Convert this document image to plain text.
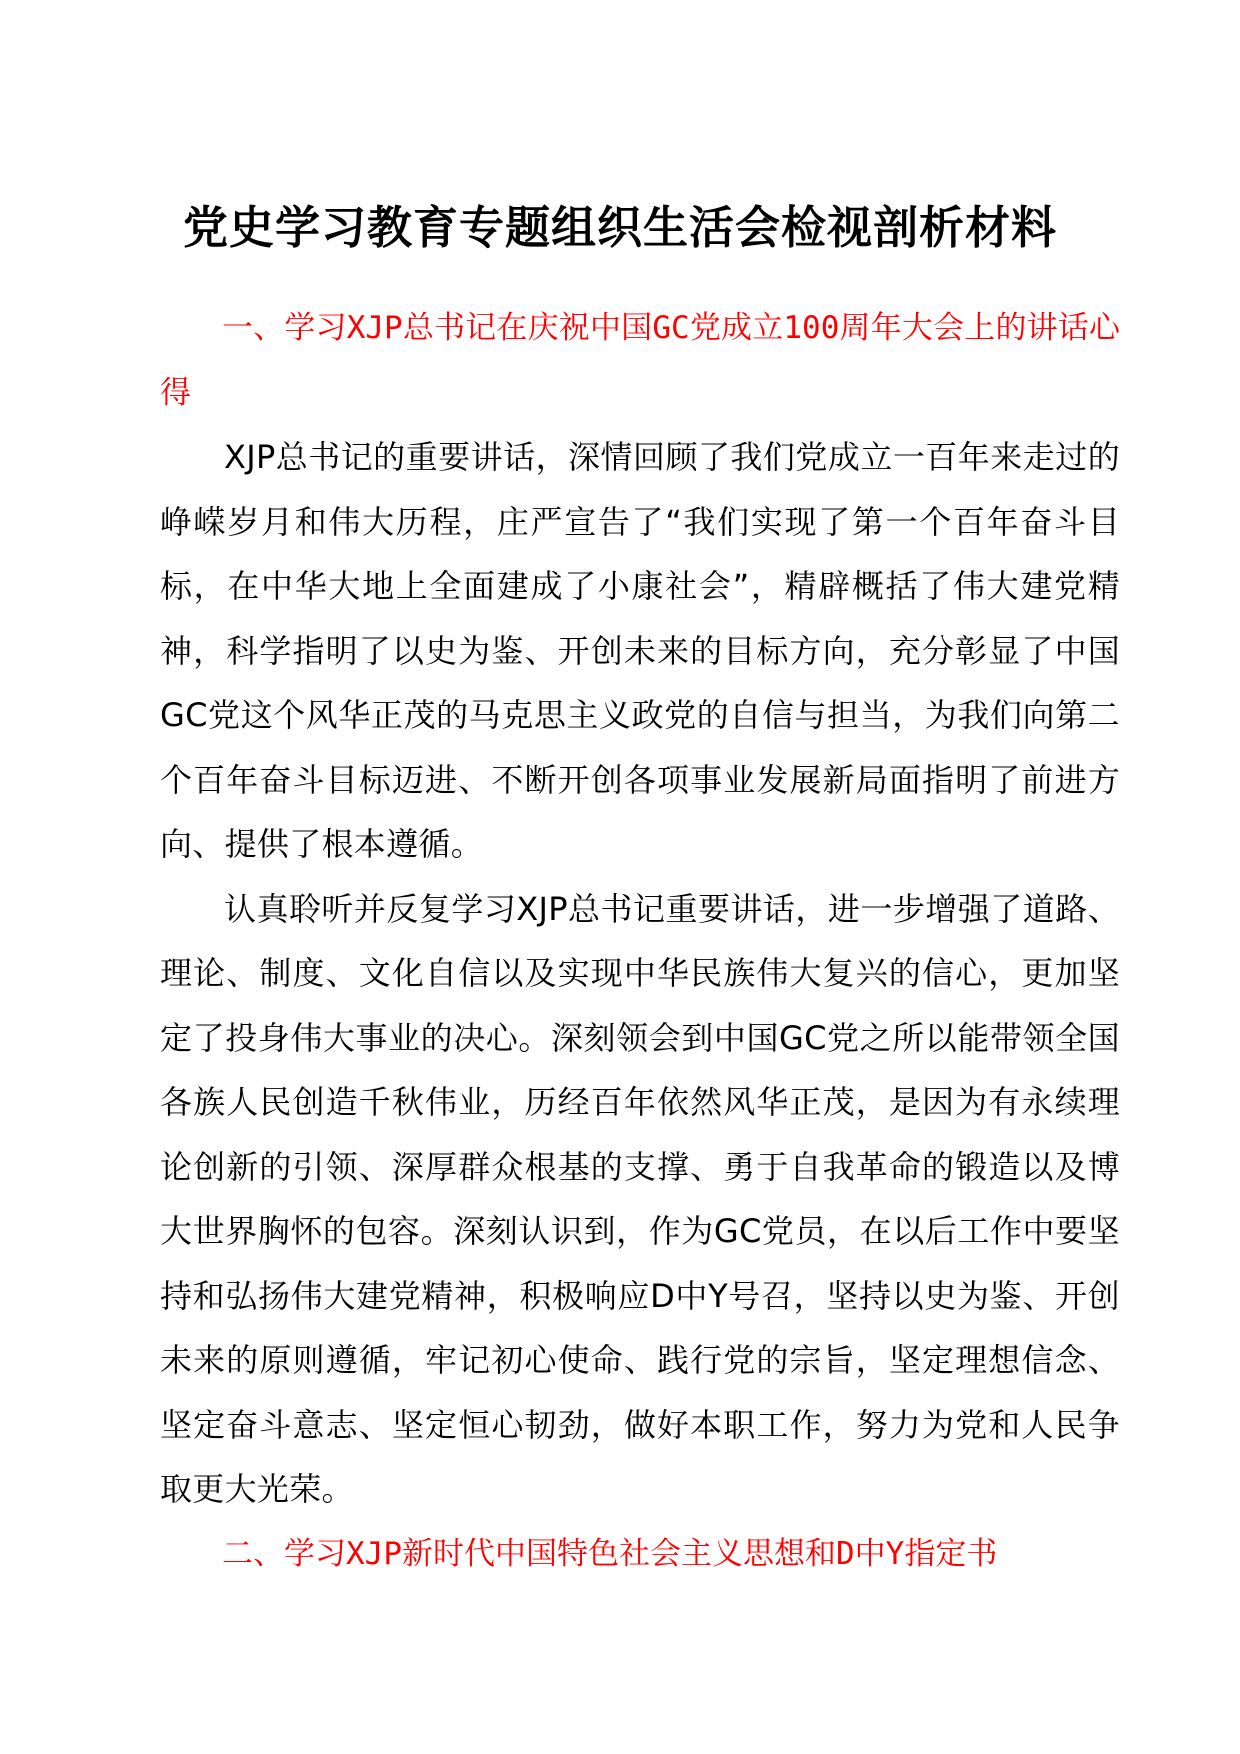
党史学习教育专题组织生活会检视剖析材料

一、学习XJP总书记在庆祝中国GC党成立100周年大会上的讲话心得

XJP总书记的重要讲话，深情回顾了我们党成立一百年来走过的峥嵘岁月和伟大历程，庄严宣告了“我们实现了第一个百年奋斗目标，在中华大地上全面建成了小康社会”，精辟概括了伟大建党精神，科学指明了以史为鉴、开创未来的目标方向，充分彰显了中国GC党这个风华正茂的马克思主义政党的自信与担当，为我们向第二个百年奋斗目标迈进、不断开创各项事业发展新局面指明了前进方向、提供了根本遵循。

认真聆听并反复学习XJP总书记重要讲话，进一步增强了道路、理论、制度、文化自信以及实现中华民族伟大复兴的信心，更加坚定了投身伟大事业的决心。深刻领会到中国GC党之所以能带领全国各族人民创造千秋伟业，历经百年依然风华正茂，是因为有永续理论创新的引领、深厚群众根基的支撑、勇于自我革命的锻造以及博大世界胸怀的包容。深刻认识到，作为GC党员，在以后工作中要坚持和弘扬伟大建党精神，积极响应D中Y号召，坚持以史为鉴、开创未来的原则遵循，牢记初心使命、践行党的宗旨，坚定理想信念、坚定奋斗意志、坚定恒心韧劲，做好本职工作，努力为党和人民争取更大光荣。

二、学习XJP新时代中国特色社会主义思想和D中Y指定书
